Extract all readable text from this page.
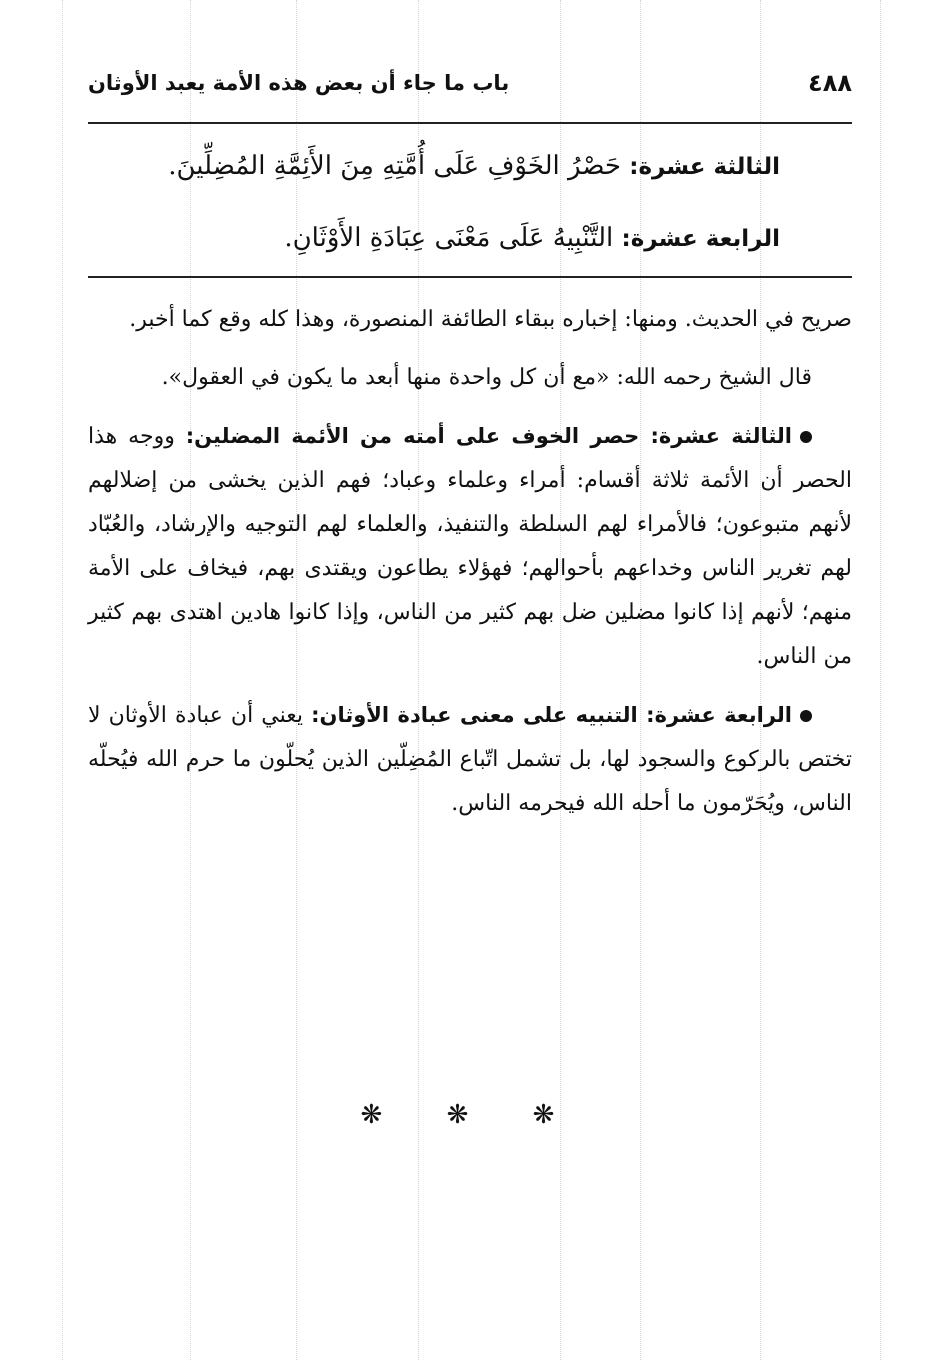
٤٨٨
باب ما جاء أن بعض هذه الأمة يعبد الأوثان
الثالثة عشرة: حَصْرُ الخَوْفِ عَلَى أُمَّتِهِ مِنَ الأَئِمَّةِ المُضِلِّينَ.
الرابعة عشرة: التَّنْبِيهُ عَلَى مَعْنَى عِبَادَةِ الأَوْثَانِ.

صريح في الحديث. ومنها: إخباره ببقاء الطائفة المنصورة، وهذا كله وقع كما أخبر.

قال الشيخ رحمه الله: «مع أن كل واحدة منها أبعد ما يكون في العقول».

الثالثة عشرة: حصر الخوف على أمته من الأئمة المضلين: ووجه هذا الحصر أن الأئمة ثلاثة أقسام: أمراء وعلماء وعباد؛ فهم الذين يخشى من إضلالهم لأنهم متبوعون؛ فالأمراء لهم السلطة والتنفيذ، والعلماء لهم التوجيه والإرشاد، والعُبّاد لهم تغرير الناس وخداعهم بأحوالهم؛ فهؤلاء يطاعون ويقتدى بهم، فيخاف على الأمة منهم؛ لأنهم إذا كانوا مضلين ضل بهم كثير من الناس، وإذا كانوا هادين اهتدى بهم كثير من الناس.

الرابعة عشرة: التنبيه على معنى عبادة الأوثان: يعني أن عبادة الأوثان لا تختص بالركوع والسجود لها، بل تشمل اتّباع المُضِلّين الذين يُحلّون ما حرم الله فيُحلّه الناس، ويُحَرّمون ما أحله الله فيحرمه الناس.

❋ ❋ ❋
